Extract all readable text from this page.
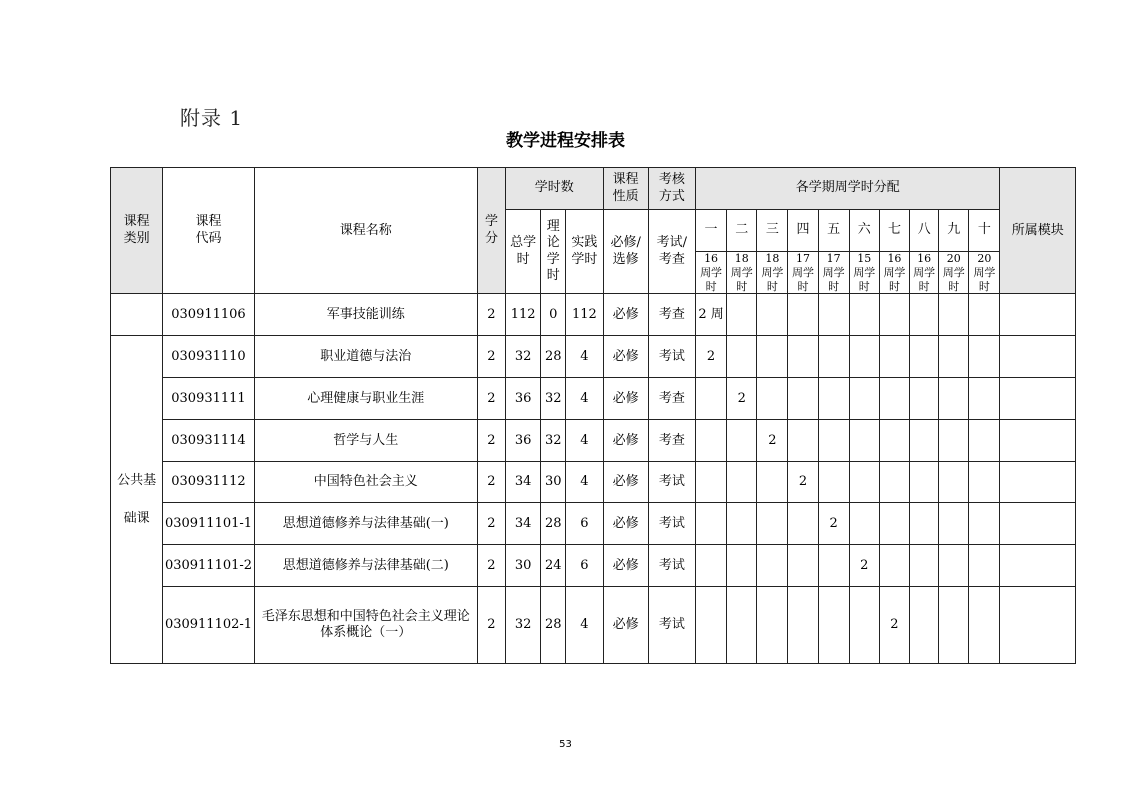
附录 1
教学进程安排表
课程类别	课程代码	课程名称	学分	学时数			课程性质	考核方式	各学期周学时分配										所属模块

				总学时	理论学时	实践学时	必修/选修	考试/考查	一	二	三	四	五	六	七	八	九	十	

									16周学时	18周学时	18周学时	17周学时	17周学时	15周学时	16周学时	16周学时	20周学时	20周学时	

	030911106	军事技能训练	2	112	0	112	必修	考查	2 周										

公共基础课	030931110	职业道德与法治	2	32	28	4	必修	考试	2										
	030931111	心理健康与职业生涯	2	36	32	4	必修	考查		2									
	030931114	哲学与人生	2	36	32	4	必修	考查			2								
	030931112	中国特色社会主义	2	34	30	4	必修	考试				2							
	030911101-1	思想道德修养与法律基础(一)	2	34	28	6	必修	考试					2						
	030911101-2	思想道德修养与法律基础(二)	2	30	24	6	必修	考试						2					
	030911102-1	毛泽东思想和中国特色社会主义理论体系概论（一）	2	32	28	4	必修	考试							2				
53
